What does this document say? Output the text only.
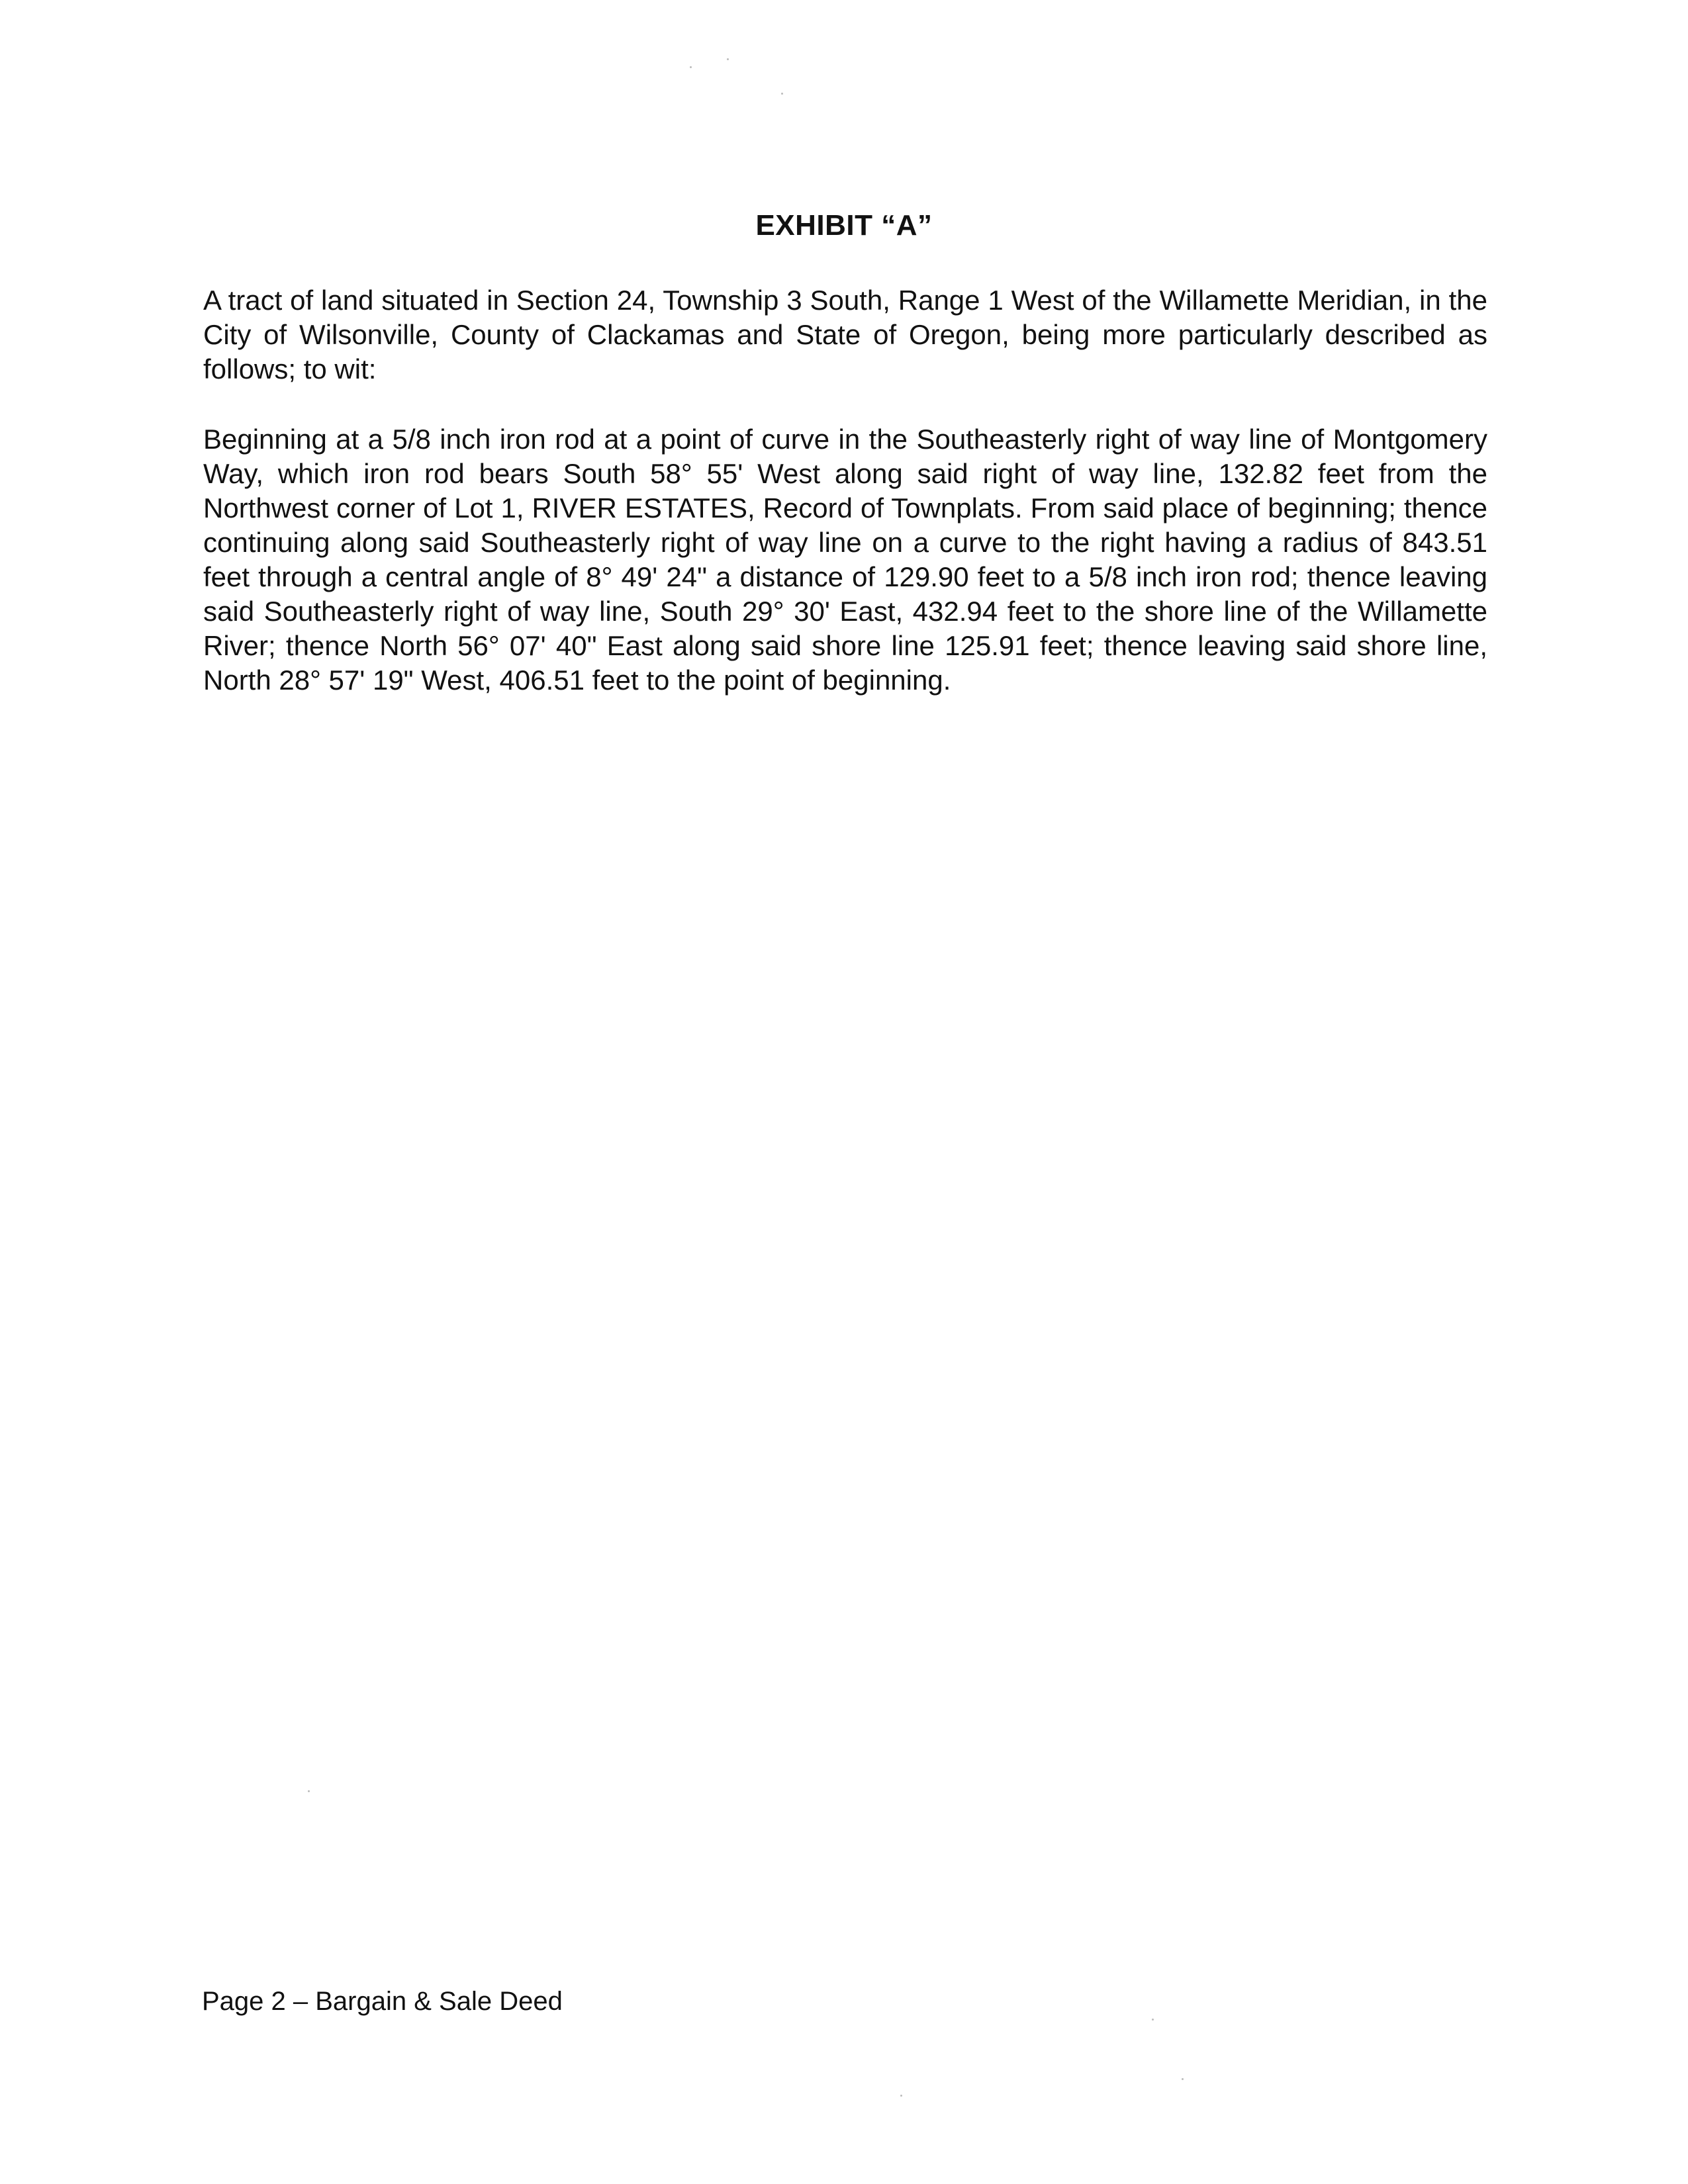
EXHIBIT “A”

A tract of land situated in Section 24, Township 3 South, Range 1 West of the Willamette Meridian, in the City of Wilsonville, County of Clackamas and State of Oregon, being more particularly described as follows; to wit:

Beginning at a 5/8 inch iron rod at a point of curve in the Southeasterly right of way line of Montgomery Way, which iron rod bears South 58° 55' West along said right of way line, 132.82 feet from the Northwest corner of Lot 1, RIVER ESTATES, Record of Townplats. From said place of beginning; thence continuing along said Southeasterly right of way line on a curve to the right having a radius of 843.51 feet through a central angle of 8° 49' 24" a distance of 129.90 feet to a 5/8 inch iron rod; thence leaving said Southeasterly right of way line, South 29° 30' East, 432.94 feet to the shore line of the Willamette River; thence North 56° 07' 40" East along said shore line 125.91 feet; thence leaving said shore line, North 28° 57' 19" West, 406.51 feet to the point of beginning.

Page 2 – Bargain & Sale Deed
